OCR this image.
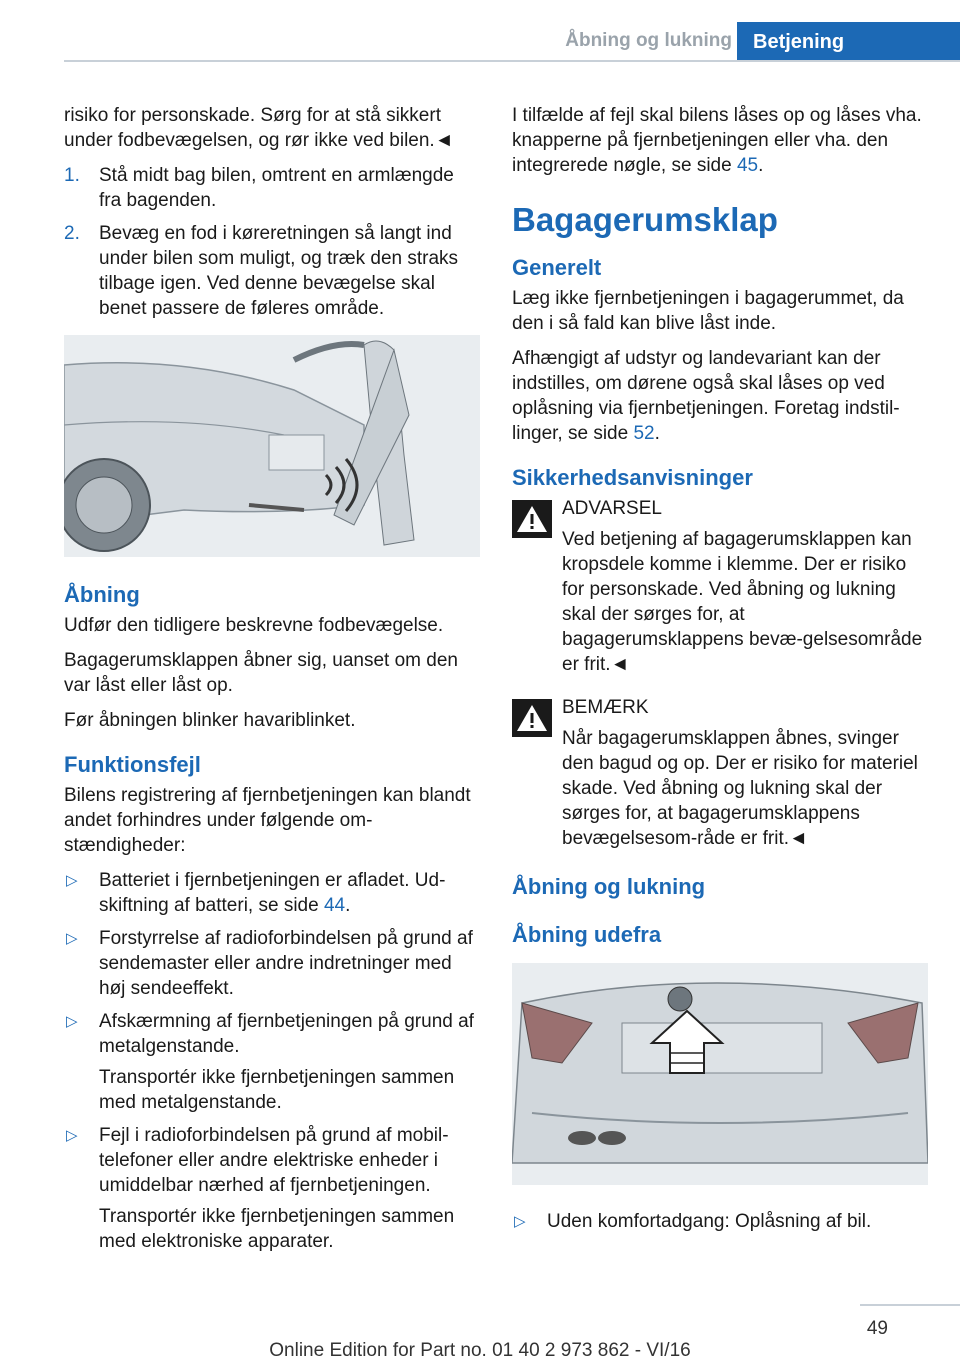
Åbning og lukning	Betjening

risiko for personskade. Sørg for at stå sikkert under fodbevægelsen, og rør ikke ved bilen.◄

1. Stå midt bag bilen, omtrent en armlængde fra bagenden.
2. Bevæg en fod i køreretningen så langt ind under bilen som muligt, og træk den straks tilbage igen. Ved denne bevægelse skal benet passere de føleres område.
Åbning

Udfør den tidligere beskrevne fodbevægelse.

Bagagerumsklappen åbner sig, uanset om den var låst eller låst op.

Før åbningen blinker havariblinket.

Funktionsfejl

Bilens registrering af fjernbetjeningen kan blandt andet forhindres under følgende om-stændigheder:

▷ Batteriet i fjernbetjeningen er afladet. Ud-skiftning af batteri, se side 44.
▷ Forstyrrelse af radioforbindelsen på grund af sendemaster eller andre indretninger med høj sendeeffekt.
▷ Afskærmning af fjernbetjeningen på grund af metalgenstande.
Transportér ikke fjernbetjeningen sammen med metalgenstande.
▷ Fejl i radioforbindelsen på grund af mobil-telefoner eller andre elektriske enheder i umiddelbar nærhed af fjernbetjeningen.
Transportér ikke fjernbetjeningen sammen med elektroniske apparater.

I tilfælde af fejl skal bilens låses op og låses vha. knapperne på fjernbetjeningen eller vha. den integrerede nøgle, se side 45.

Bagagerumsklap
Generelt

Læg ikke fjernbetjeningen i bagagerummet, da den i så fald kan blive låst inde.

Afhængigt af udstyr og landevariant kan der indstilles, om dørene også skal låses op ved oplåsning via fjernbetjeningen. Foretag indstil-linger, se side 52.

Sikkerhedsanvisninger
ADVARSEL
Ved betjening af bagagerumsklappen kan kropsdele komme i klemme. Der er risiko for personskade. Ved åbning og lukning skal der sørges for, at bagagerumsklappens bevæ-gelsesområde er frit.◄
BEMÆRK
Når bagagerumsklappen åbnes, svinger den bagud og op. Der er risiko for materiel skade. Ved åbning og lukning skal der sørges for, at bagagerumsklappens bevægelsesom-råde er frit.◄
Åbning og lukning
Åbning udefra
▷ Uden komfortadgang: Oplåsning af bil.
49
Online Edition for Part no. 01 40 2 973 862 - VI/16
